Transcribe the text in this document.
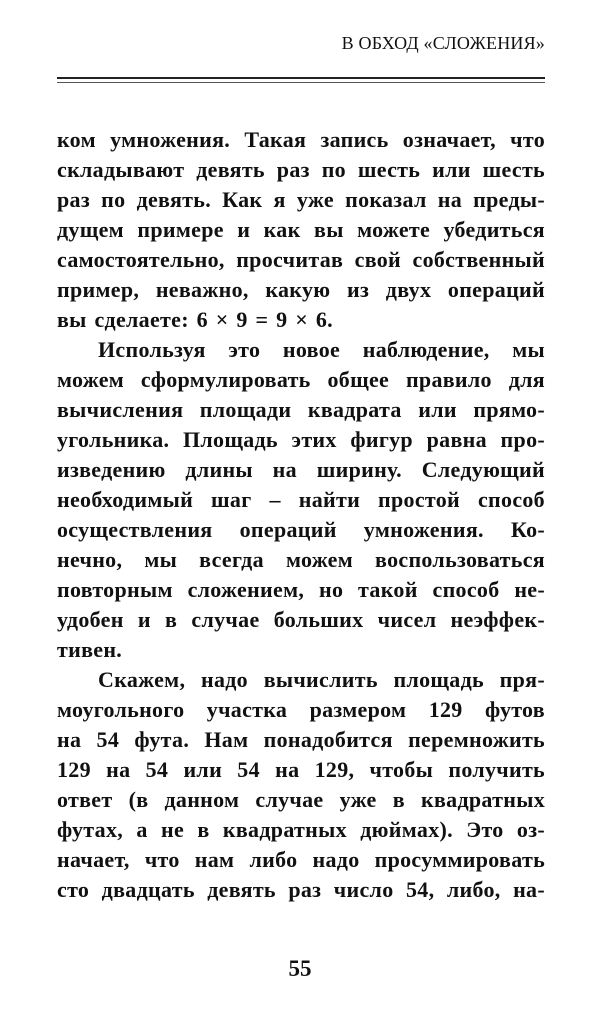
В ОБХОД «СЛОЖЕНИЯ»
ком умножения. Такая запись означает, что
складывают девять раз по шесть или шесть
раз по девять. Как я уже показал на преды-
дущем примере и как вы можете убедиться
самостоятельно, просчитав свой собственный
пример, неважно, какую из двух операций
вы сделаете: 6 × 9 = 9 × 6.
Используя это новое наблюдение, мы
можем сформулировать общее правило для
вычисления площади квадрата или прямо-
угольника. Площадь этих фигур равна про-
изведению длины на ширину. Следующий
необходимый шаг – найти простой способ
осуществления операций умножения. Ко-
нечно, мы всегда можем воспользоваться
повторным сложением, но такой способ не-
удобен и в случае больших чисел неэффек-
тивен.
Скажем, надо вычислить площадь пря-
моугольного участка размером 129 футов
на 54 фута. Нам понадобится перемножить
129 на 54 или 54 на 129, чтобы получить
ответ (в данном случае уже в квадратных
футах, а не в квадратных дюймах). Это оз-
начает, что нам либо надо просуммировать
сто двадцать девять раз число 54, либо, на-
55
